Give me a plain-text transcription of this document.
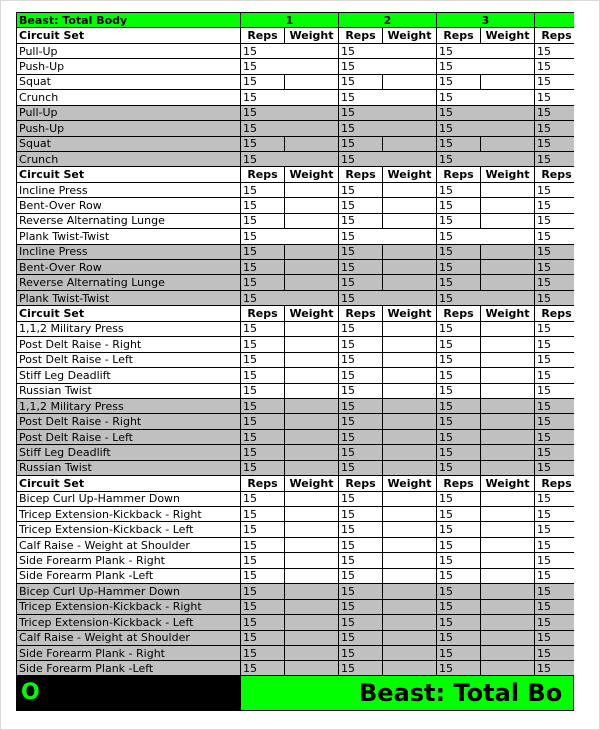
Beast: Total Body	1		2		3			
Circuit Set	Reps	Weight	Reps	Weight	Reps	Weight	Reps	
Pull-Up	15		15		15		15	
Push-Up	15		15		15		15	
Squat	15		15		15		15	
Crunch	15		15		15		15	
Pull-Up	15		15		15		15	
Push-Up	15		15		15		15	
Squat	15		15		15		15	
Crunch	15		15		15		15	
Circuit Set	Reps	Weight	Reps	Weight	Reps	Weight	Reps	
Incline Press	15		15		15		15	
Bent-Over Row	15		15		15		15	
Reverse Alternating Lunge	15		15		15		15	
Plank Twist-Twist	15		15		15		15	
Incline Press	15		15		15		15	
Bent-Over Row	15		15		15		15	
Reverse Alternating Lunge	15		15		15		15	
Plank Twist-Twist	15		15		15		15	
Circuit Set	Reps	Weight	Reps	Weight	Reps	Weight	Reps	
1,1,2 Military Press	15		15		15		15	
Post Delt Raise - Right	15		15		15		15	
Post Delt Raise - Left	15		15		15		15	
Stiff Leg Deadlift	15		15		15		15	
Russian Twist	15		15		15		15	
1,1,2 Military Press	15		15		15		15	
Post Delt Raise - Right	15		15		15		15	
Post Delt Raise - Left	15		15		15		15	
Stiff Leg Deadlift	15		15		15		15	
Russian Twist	15		15		15		15	
Circuit Set	Reps	Weight	Reps	Weight	Reps	Weight	Reps	
Bicep Curl Up-Hammer Down	15		15		15		15	
Tricep Extension-Kickback - Right	15		15		15		15	
Tricep Extension-Kickback - Left	15		15		15		15	
Calf Raise - Weight at Shoulder	15		15		15		15	
Side Forearm Plank - Right	15		15		15		15	
Side Forearm Plank -Left	15		15		15		15	
Bicep Curl Up-Hammer Down	15		15		15		15	
Tricep Extension-Kickback - Right	15		15		15		15	
Tricep Extension-Kickback - Left	15		15		15		15	
Calf Raise - Weight at Shoulder	15		15		15		15	
Side Forearm Plank - Right	15		15		15		15	
Side Forearm Plank -Left	15		15		15		15	
O	Beast: Total Bo
